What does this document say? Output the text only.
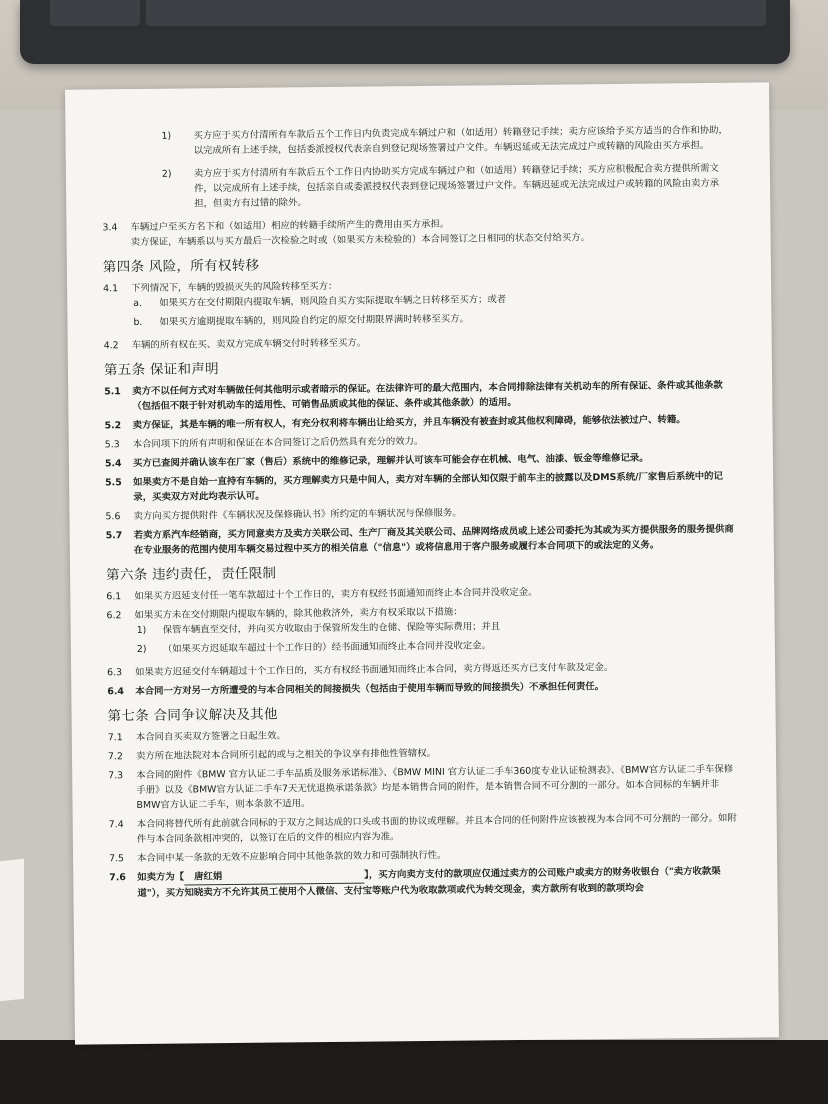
1) 买方应于买方付清所有车款后五个工作日内负责完成车辆过户和（如适用）转籍登记手续；卖方应该给予买方适当的合作和协助，以完成所有上述手续，包括委派授权代表亲自到登记现场签署过户文件。车辆迟延或无法完成过户或转籍的风险由买方承担。
2) 卖方应于买方付清所有车款后五个工作日内协助买方完成车辆过户和（如适用）转籍登记手续；买方应积极配合卖方提供所需文件，以完成所有上述手续，包括亲自或委派授权代表到登记现场签署过户文件。车辆迟延或无法完成过户或转籍的风险由卖方承担，但卖方有过错的除外。
3.4 车辆过户至买方名下和（如适用）相应的转籍手续所产生的费用由买方承担。
卖方保证，车辆系以与买方最后一次检验之时或（如果买方未检验的）本合同签订之日相同的状态交付给买方。
第四条 风险，所有权转移
4.1 下列情况下，车辆的毁损灭失的风险转移至买方：
a. 如果买方在交付期限内提取车辆，则风险自买方实际提取车辆之日转移至买方；或者
b. 如果买方逾期提取车辆的，则风险自约定的原交付期限界满时转移至买方。
4.2 车辆的所有权在买、卖双方完成车辆交付时转移至买方。
第五条 保证和声明
5.1 卖方不以任何方式对车辆做任何其他明示或者暗示的保证。在法律许可的最大范围内，本合同排除法律有关机动车的所有保证、条件或其他条款（包括但不限于针对机动车的适用性、可销售品质或其他的保证、条件或其他条款）的适用。
5.2 卖方保证，其是车辆的唯一所有权人，有充分权利将车辆出让给买方，并且车辆没有被查封或其他权利障碍，能够依法被过户、转籍。
5.3 本合同项下的所有声明和保证在本合同签订之后仍然具有充分的效力。
5.4 买方已查阅并确认该车在厂家（售后）系统中的维修记录，理解并认可该车可能会存在机械、电气、油漆、钣金等维修记录。
5.5 如果卖方不是自始一直持有车辆的，买方理解卖方只是中间人，卖方对车辆的全部认知仅限于前车主的披露以及DMS系统/厂家售后系统中的记录，买卖双方对此均表示认可。
5.6 卖方向买方提供附件《车辆状况及保修确认书》所约定的车辆状况与保修服务。
5.7 若卖方系汽车经销商，买方同意卖方及卖方关联公司、生产厂商及其关联公司、品牌网络成员或上述公司委托为其或为买方提供服务的服务提供商在专业服务的范围内使用车辆交易过程中买方的相关信息（"信息"）或将信息用于客户服务或履行本合同项下的或法定的义务。
第六条 违约责任，责任限制
6.1 如果买方迟延支付任一笔车款超过十个工作日的，卖方有权经书面通知而终止本合同并没收定金。
6.2 如果买方未在交付期限内提取车辆的，除其他救济外，卖方有权采取以下措施：
1) 保管车辆直至交付，并向买方收取由于保管所发生的仓储、保险等实际费用；并且
2) （如果买方迟延取车超过十个工作日的）经书面通知而终止本合同并没收定金。
6.3 如果卖方迟延交付车辆超过十个工作日的，买方有权经书面通知而终止本合同，卖方得返还买方已支付车款及定金。
6.4 本合同一方对另一方所遭受的与本合同相关的间接损失（包括由于使用车辆而导致的间接损失）不承担任何责任。
第七条 合同争议解决及其他
7.1 本合同自买卖双方签署之日起生效。
7.2 卖方所在地法院对本合同所引起的或与之相关的争议享有排他性管辖权。
7.3 本合同的附件《BMW 官方认证二手车品质及服务承诺标准》、《BMW MINI 官方认证二手车360度专业认证检测表》、《BMW官方认证二手车保修手册》以及《BMW官方认证二手车7天无忧退换承诺条款》均是本销售合同的附件，是本销售合同不可分割的一部分。如本合同标的车辆并非BMW官方认证二手车，则本条款不适用。
7.4 本合同将替代所有此前就合同标的于双方之间达成的口头或书面的协议或理解。并且本合同的任何附件应该被视为本合同不可分割的一部分。如附件与本合同条款相冲突的，以签订在后的文件的相应内容为准。
7.5 本合同中某一条款的无效不应影响合同中其他条款的效力和可强制执行性。
7.6 如卖方为【 唐红娟	】，买方向卖方支付的款项应仅通过卖方的公司账户或卖方的财务收银台（"卖方收款渠道"），买方知晓卖方不允许其员工使用个人微信、支付宝等账户代为收取款项或代为转交现金，卖方款所有收到的款项均会
